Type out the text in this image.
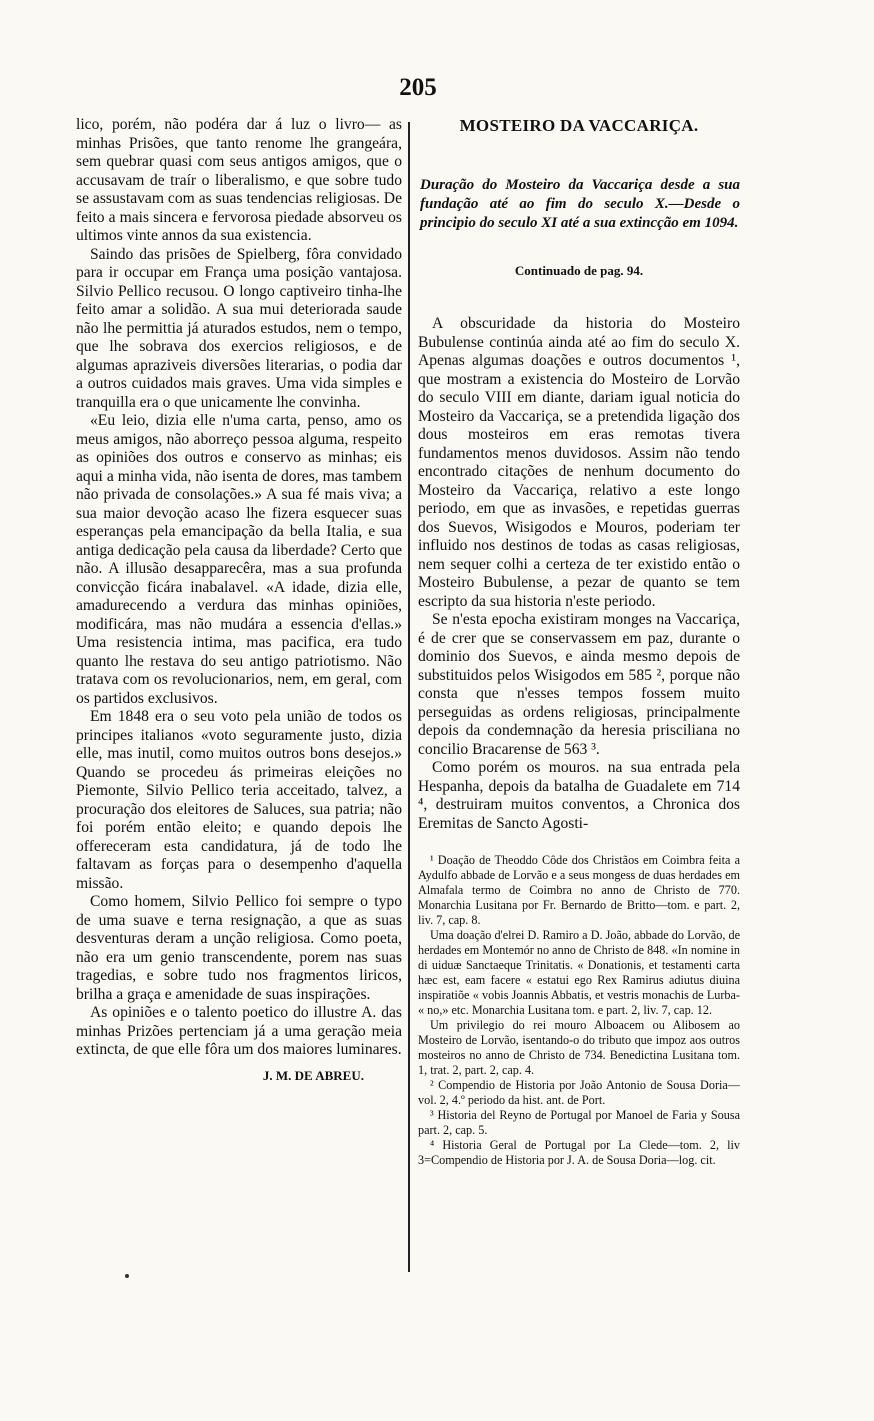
205

lico, porém, não podéra dar á luz o livro— as minhas Prisões, que tanto renome lhe grangeára, sem quebrar quasi com seus antigos amigos, que o accusavam de traír o liberalismo, e que sobre tudo se assustavam com as suas tendencias religiosas. De feito a mais sincera e fervorosa piedade absorveu os ultimos vinte annos da sua existencia.

Saindo das prisões de Spielberg, fôra convidado para ir occupar em França uma posição vantajosa. Silvio Pellico recusou. O longo captiveiro tinha-lhe feito amar a solidão. A sua mui deteriorada saude não lhe permittia já aturados estudos, nem o tempo, que lhe sobrava dos exercios religiosos, e de algumas apraziveis diversões literarias, o podia dar a outros cuidados mais graves. Uma vida simples e tranquilla era o que unicamente lhe convinha.

«Eu leio, dizia elle n'uma carta, penso, amo os meus amigos, não aborreço pessoa alguma, respeito as opiniões dos outros e conservo as minhas; eis aqui a minha vida, não isenta de dores, mas tambem não privada de consolações.» A sua fé mais viva; a sua maior devoção acaso lhe fizera esquecer suas esperanças pela emancipação da bella Italia, e sua antiga dedicação pela causa da liberdade? Certo que não. A illusão desapparecêra, mas a sua profunda convicção ficára inabalavel. «A idade, dizia elle, amadurecendo a verdura das minhas opiniões, modificára, mas não mudára a essencia d'ellas.» Uma resistencia intima, mas pacifica, era tudo quanto lhe restava do seu antigo patriotismo. Não tratava com os revolucionarios, nem, em geral, com os partidos exclusivos.

Em 1848 era o seu voto pela união de todos os principes italianos «voto seguramente justo, dizia elle, mas inutil, como muitos outros bons desejos.» Quando se procedeu ás primeiras eleições no Piemonte, Silvio Pellico teria acceitado, talvez, a procuração dos eleitores de Saluces, sua patria; não foi porém então eleito; e quando depois lhe offereceram esta candidatura, já de todo lhe faltavam as forças para o desempenho d'aquella missão.

Como homem, Silvio Pellico foi sempre o typo de uma suave e terna resignação, a que as suas desventuras deram a unção religiosa. Como poeta, não era um genio transcendente, porem nas suas tragedias, e sobre tudo nos fragmentos liricos, brilha a graça e amenidade de suas inspirações.

As opiniões e o talento poetico do illustre A. das minhas Prizões pertenciam já a uma geração meia extincta, de que elle fôra um dos maiores luminares.

J. M. DE ABREU.
MOSTEIRO DA VACCARIÇA.
Duração do Mosteiro da Vaccariça desde a sua fundação até ao fim do seculo X.—Desde o principio do seculo XI até a sua extincção em 1094.
Continuado de pag. 94.

A obscuridade da historia do Mosteiro Bubulense continúa ainda até ao fim do seculo X. Apenas algumas doações e outros documentos ¹, que mostram a existencia do Mosteiro de Lorvão do seculo VIII em diante, dariam igual noticia do Mosteiro da Vaccariça, se a pretendida ligação dos dous mosteiros em eras remotas tivera fundamentos menos duvidosos. Assim não tendo encontrado citações de nenhum documento do Mosteiro da Vaccariça, relativo a este longo periodo, em que as invasões, e repetidas guerras dos Suevos, Wisigodos e Mouros, poderiam ter influido nos destinos de todas as casas religiosas, nem sequer colhi a certeza de ter existido então o Mosteiro Bubulense, a pezar de quanto se tem escripto da sua historia n'este periodo.

Se n'esta epocha existiram monges na Vaccariça, é de crer que se conservassem em paz, durante o dominio dos Suevos, e ainda mesmo depois de substituidos pelos Wisigodos em 585 ², porque não consta que n'esses tempos fossem muito perseguidas as ordens religiosas, principalmente depois da condemnação da heresia prisciliana no concilio Bracarense de 563 ³.

Como porém os mouros. na sua entrada pela Hespanha, depois da batalha de Guadalete em 714 ⁴, destruiram muitos conventos, a Chronica dos Eremitas de Sancto Agosti-

¹ Doação de Theoddo Côde dos Christãos em Coimbra feita a Aydulfo abbade de Lorvão e a seus mongess de duas herdades em Almafala termo de Coimbra no anno de Christo de 770. Monarchia Lusitana por Fr. Bernardo de Britto—tom. e part. 2, liv. 7, cap. 8.

Uma doação d'elrei D. Ramiro a D. João, abbade do Lorvão, de herdades em Montemór no anno de Christo de 848. «In nomine in di uiduæ Sanctaeque Trinitatis. « Donationis, et testamenti carta hæc est, eam facere « estatui ego Rex Ramirus adiutus diuina inspiratiõe « vobis Joannis Abbatis, et vestris monachis de Lurba- « no,» etc. Monarchia Lusitana tom. e part. 2, liv. 7, cap. 12.

Um privilegio do rei mouro Alboacem ou Alibosem ao Mosteiro de Lorvão, isentando-o do tributo que impoz aos outros mosteiros no anno de Christo de 734. Benedictina Lusitana tom. 1, trat. 2, part. 2, cap. 4.

² Compendio de Historia por João Antonio de Sousa Doria—vol. 2, 4.º periodo da hist. ant. de Port.

³ Historia del Reyno de Portugal por Manoel de Faria y Sousa part. 2, cap. 5.

⁴ Historia Geral de Portugal por La Clede—tom. 2, liv 3=Compendio de Historia por J. A. de Sousa Doria—log. cit.
